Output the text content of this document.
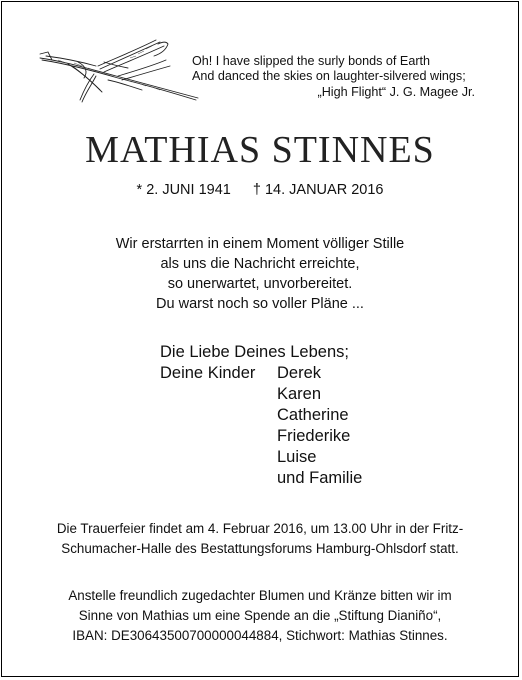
Oh! I have slipped the surly bonds of Earth
And danced the skies on laughter-silvered wings;
„High Flight“ J. G. Magee Jr.
MATHIAS STINNES
* 2. JUNI 1941 † 14. JANUAR 2016
Wir erstarrten in einem Moment völliger Stille
als uns die Nachricht erreichte,
so unerwartet, unvorbereitet.
Du warst noch so voller Pläne ...
Die Liebe Deines Lebens;
Deine Kinder	Derek
Karen
Catherine
Friederike
Luise
und Familie
Die Trauerfeier findet am 4. Februar 2016, um 13.00 Uhr in der Fritz-
Schumacher-Halle des Bestattungsforums Hamburg-Ohlsdorf statt.
Anstelle freundlich zugedachter Blumen und Kränze bitten wir im
Sinne von Mathias um eine Spende an die „Stiftung Dianiño“,
IBAN: DE30643500700000044884, Stichwort: Mathias Stinnes.
